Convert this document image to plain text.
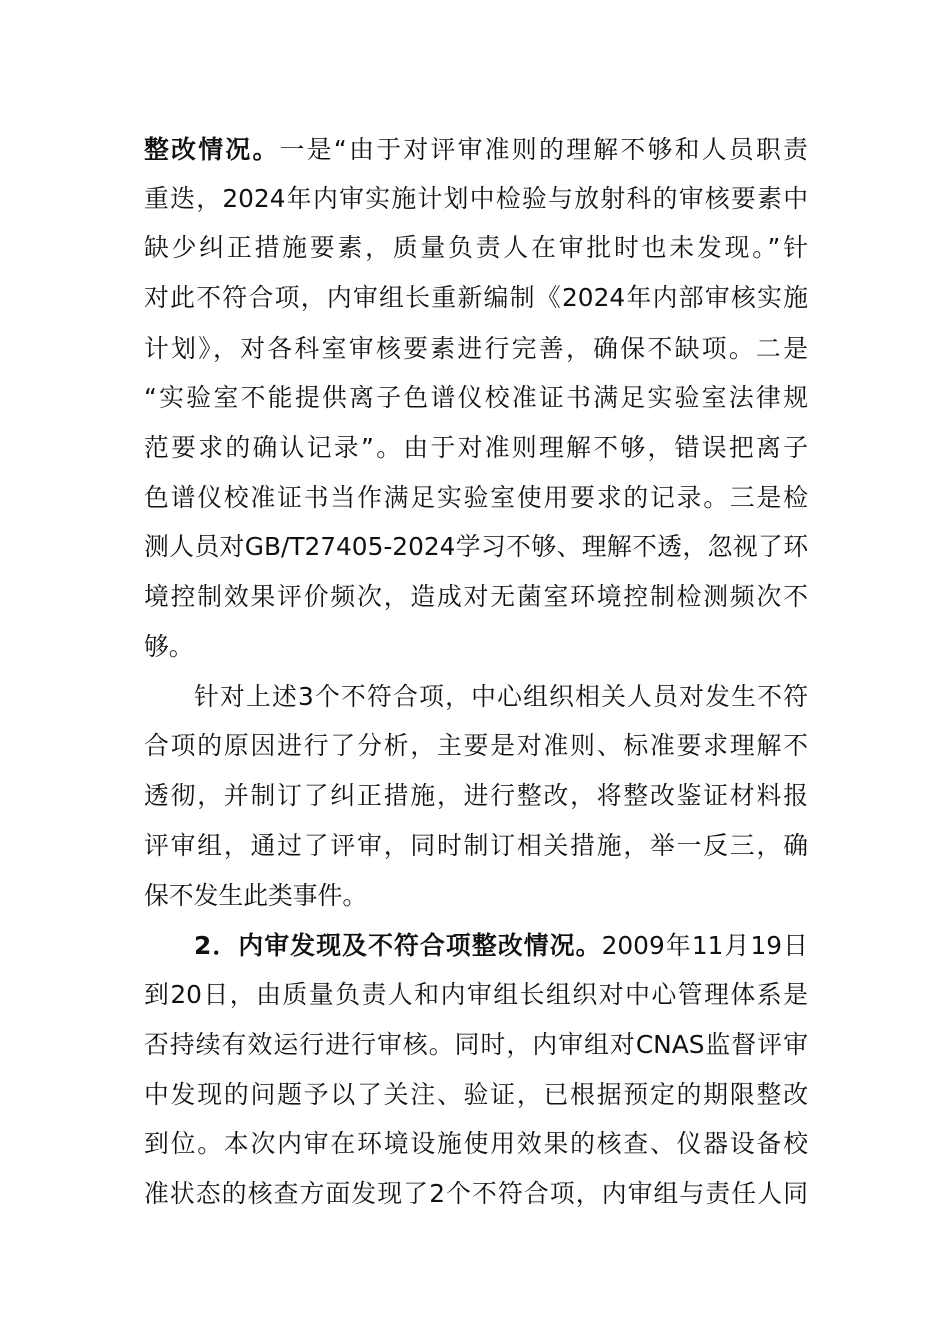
整改情况。一是“由于对评审准则的理解不够和人员职责
重迭，2024年内审实施计划中检验与放射科的审核要素中
缺少纠正措施要素，质量负责人在审批时也未发现。”针
对此不符合项，内审组长重新编制《2024年内部审核实施
计划》，对各科室审核要素进行完善，确保不缺项。二是
“实验室不能提供离子色谱仪校准证书满足实验室法律规
范要求的确认记录”。由于对准则理解不够，错误把离子
色谱仪校准证书当作满足实验室使用要求的记录。三是检
测人员对GB/T27405-2024学习不够、理解不透，忽视了环
境控制效果评价频次，造成对无菌室环境控制检测频次不
够。
针对上述3个不符合项，中心组织相关人员对发生不符
合项的原因进行了分析，主要是对准则、标准要求理解不
透彻，并制订了纠正措施，进行整改，将整改鉴证材料报
评审组，通过了评审，同时制订相关措施，举一反三，确
保不发生此类事件。
2．内审发现及不符合项整改情况。2009年11月19日
到20日，由质量负责人和内审组长组织对中心管理体系是
否持续有效运行进行审核。同时，内审组对CNAS监督评审
中发现的问题予以了关注、验证，已根据预定的期限整改
到位。本次内审在环境设施使用效果的核查、仪器设备校
准状态的核查方面发现了2个不符合项，内审组与责任人同
